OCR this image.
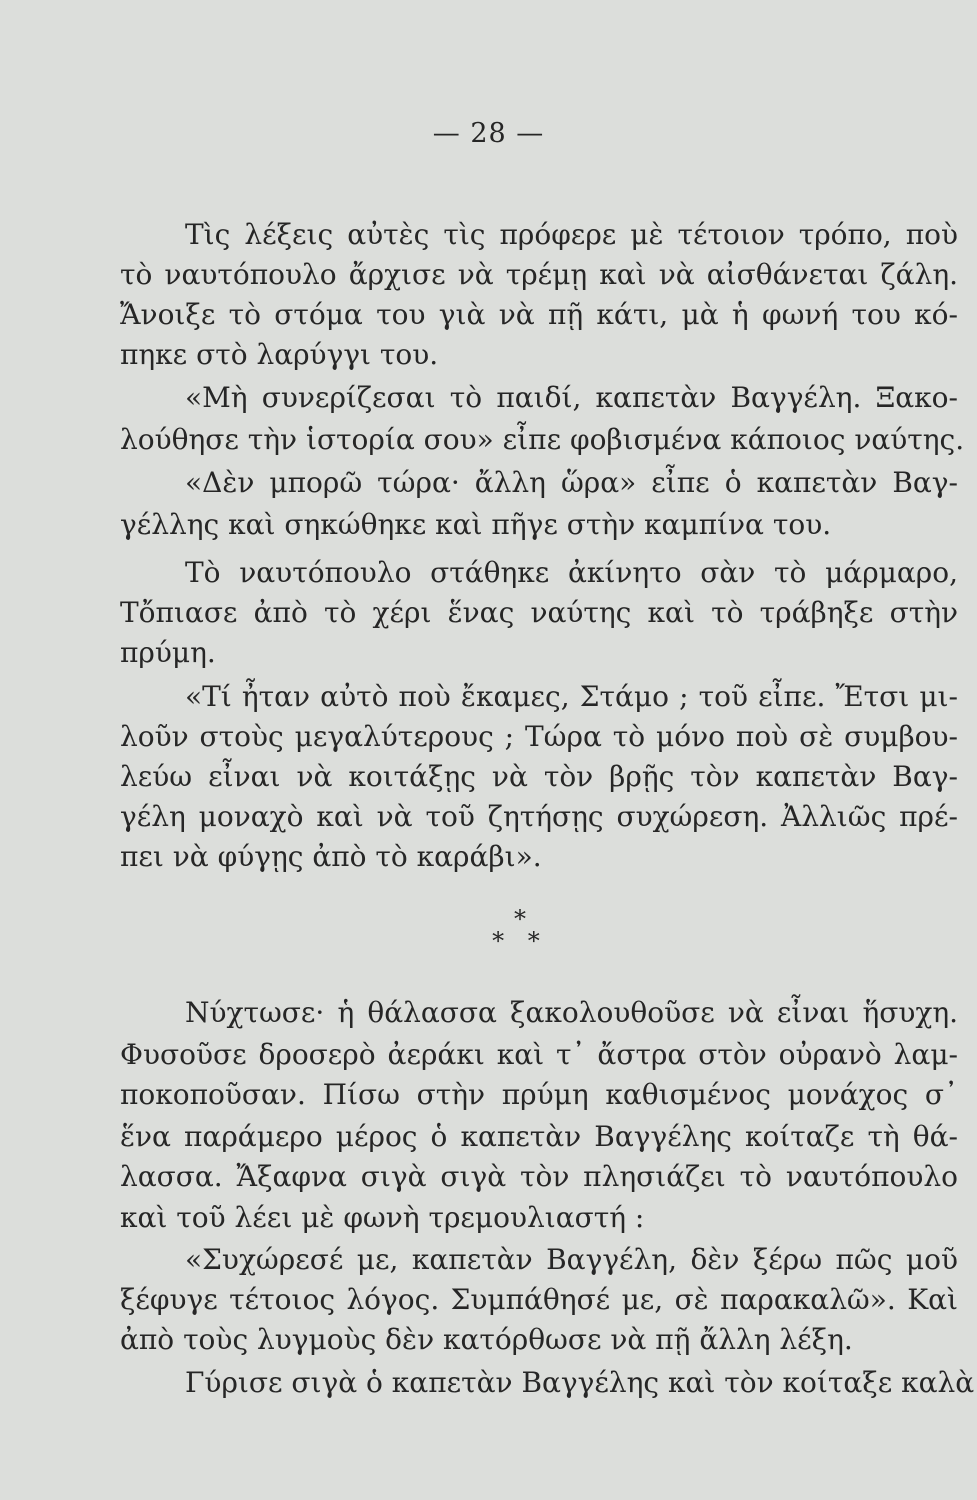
— 28 —
Τὶς λέξεις αὐτὲς τὶς πρόφερε μὲ τέτοιον τρόπο, ποὺ
τὸ ναυτόπουλο ἄρχισε νὰ τρέμῃ καὶ νὰ αἰσθάνεται ζάλη.
Ἄνοιξε τὸ στόμα του γιὰ νὰ πῇ κάτι, μὰ ἡ φωνή του κό-
πηκε στὸ λαρύγγι του.
«Μὴ συνερίζεσαι τὸ παιδί, καπετὰν Βαγγέλη. Ξακο-
λούθησε τὴν ἱστορία σου» εἶπε φοβισμένα κάποιος ναύτης.
«Δὲν μπορῶ τώρα· ἄλλη ὥρα» εἶπε ὁ καπετὰν Βαγ-
γέλλης καὶ σηκώθηκε καὶ πῆγε στὴν καμπίνα του.
Τὸ ναυτόπουλο στάθηκε ἀκίνητο σὰν τὸ μάρμαρο,
Τὄπιασε ἀπὸ τὸ χέρι ἕνας ναύτης καὶ τὸ τράβηξε στὴν
πρύμη.
«Τί ἦταν αὐτὸ ποὺ ἔκαμες, Στάμο ; τοῦ εἶπε. Ἔτσι μι-
λοῦν στοὺς μεγαλύτερους ; Τώρα τὸ μόνο ποὺ σὲ συμβου-
λεύω εἶναι νὰ κοιτάξῃς νὰ τὸν βρῇς τὸν καπετὰν Βαγ-
γέλη μοναχὸ καὶ νὰ τοῦ ζητήσῃς συχώρεση. Ἀλλιῶς πρέ-
πει νὰ φύγῃς ἀπὸ τὸ καράβι».
*
* *
Νύχτωσε· ἡ θάλασσα ξακολουθοῦσε νὰ εἶναι ἥσυχη.
Φυσοῦσε δροσερὸ ἀεράκι καὶ τ᾽ ἄστρα στὸν οὐρανὸ λαμ-
ποκοποῦσαν. Πίσω στὴν πρύμη καθισμένος μονάχος σ᾽
ἕνα παράμερο μέρος ὁ καπετὰν Βαγγέλης κοίταζε τὴ θά-
λασσα. Ἄξαφνα σιγὰ σιγὰ τὸν πλησιάζει τὸ ναυτόπουλο
καὶ τοῦ λέει μὲ φωνὴ τρεμουλιαστή :
«Συχώρεσέ με, καπετὰν Βαγγέλη, δὲν ξέρω πῶς μοῦ
ξέφυγε τέτοιος λόγος. Συμπάθησέ με, σὲ παρακαλῶ». Καὶ
ἀπὸ τοὺς λυγμοὺς δὲν κατόρθωσε νὰ πῇ ἄλλη λέξη.
Γύρισε σιγὰ ὁ καπετὰν Βαγγέλης καὶ τὸν κοίταξε καλὰ
